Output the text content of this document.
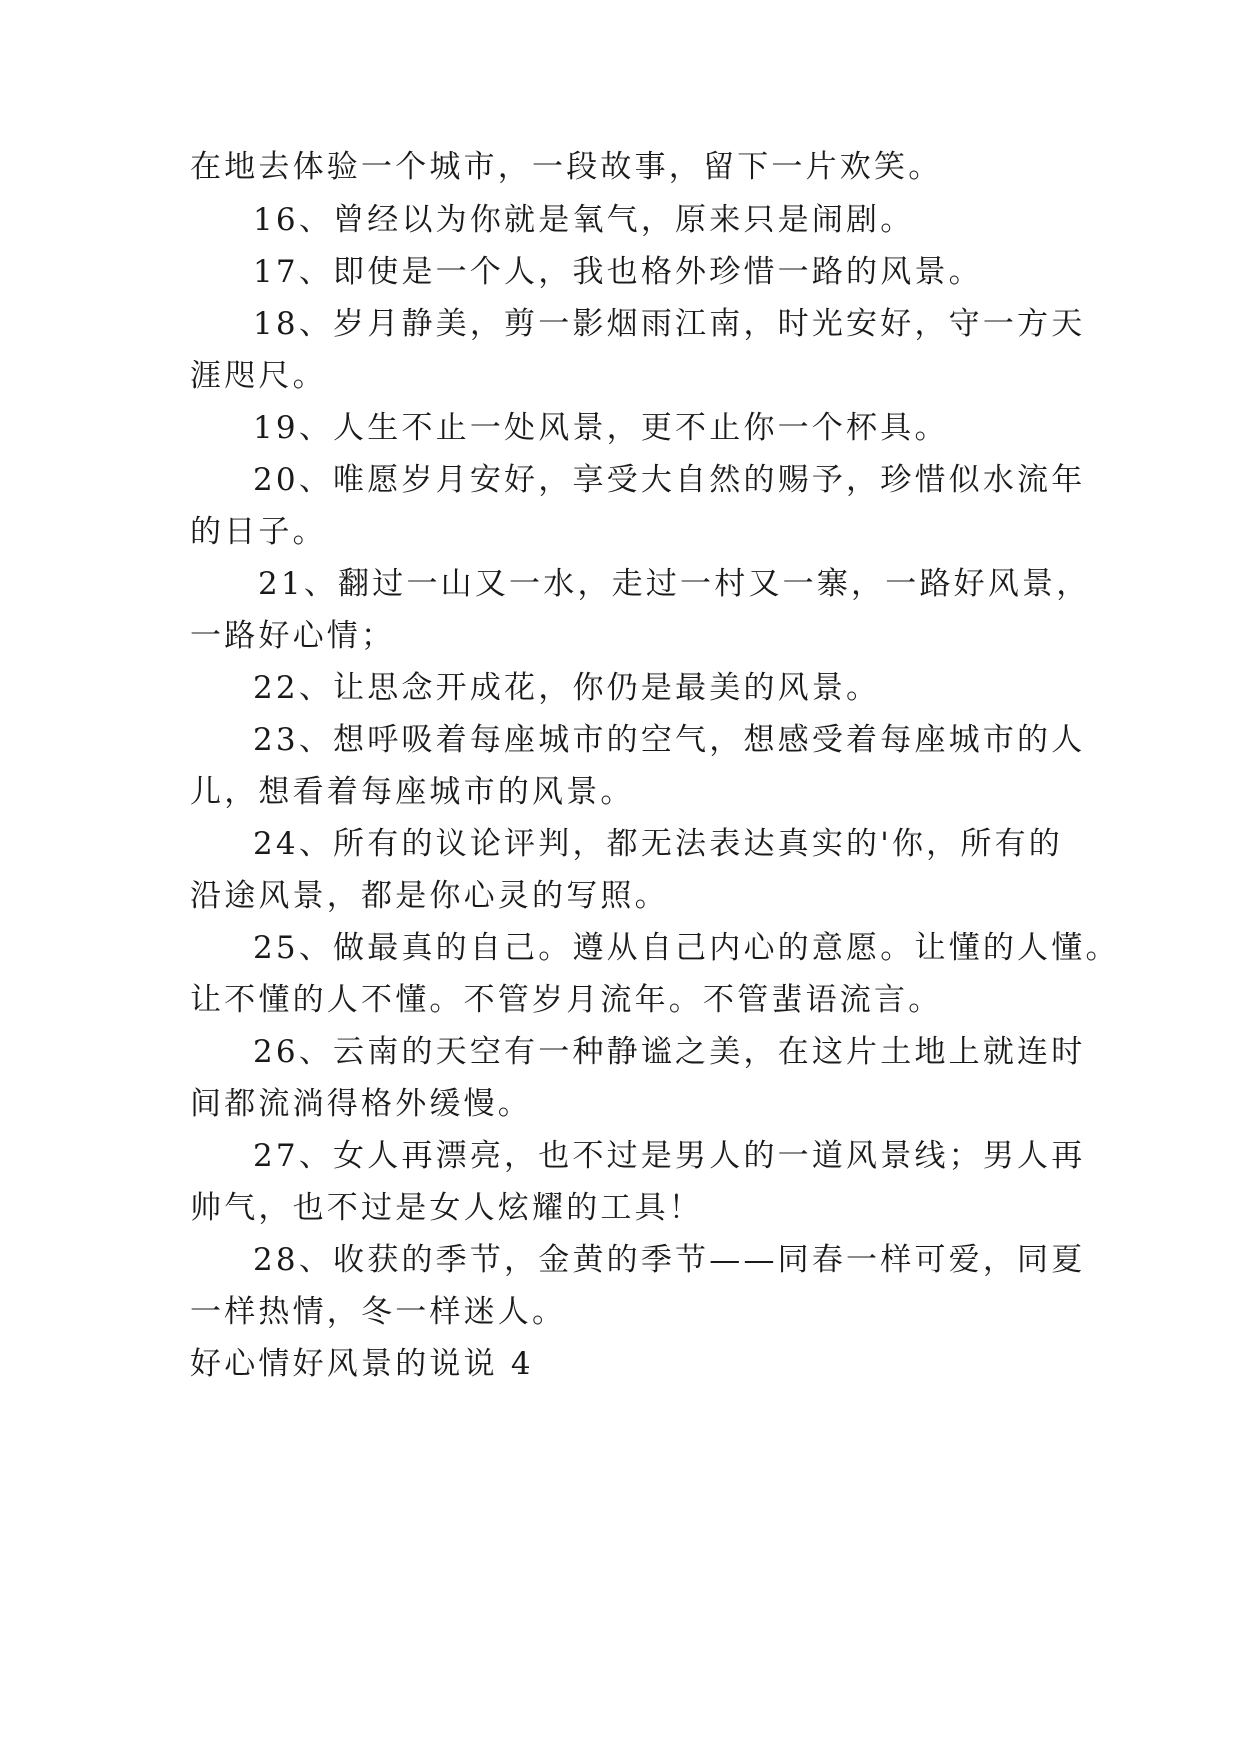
在地去体验一个城市，一段故事，留下一片欢笑。
16、曾经以为你就是氧气，原来只是闹剧。
17、即使是一个人，我也格外珍惜一路的风景。
18、岁月静美，剪一影烟雨江南，时光安好，守一方天
涯咫尺。
19、人生不止一处风景，更不止你一个杯具。
20、唯愿岁月安好，享受大自然的赐予，珍惜似水流年
的日子。
21、翻过一山又一水，走过一村又一寨，一路好风景，
一路好心情；
22、让思念开成花，你仍是最美的风景。
23、想呼吸着每座城市的空气，想感受着每座城市的人
儿，想看着每座城市的风景。
24、所有的议论评判，都无法表达真实的'你，所有的
沿途风景，都是你心灵的写照。
25、做最真的自己。遵从自己内心的意愿。让懂的人懂。
让不懂的人不懂。不管岁月流年。不管蜚语流言。
26、云南的天空有一种静谧之美，在这片土地上就连时
间都流淌得格外缓慢。
27、女人再漂亮，也不过是男人的一道风景线；男人再
帅气，也不过是女人炫耀的工具！
28、收获的季节，金黄的季节——同春一样可爱，同夏
一样热情，冬一样迷人。
好心情好风景的说说 4
